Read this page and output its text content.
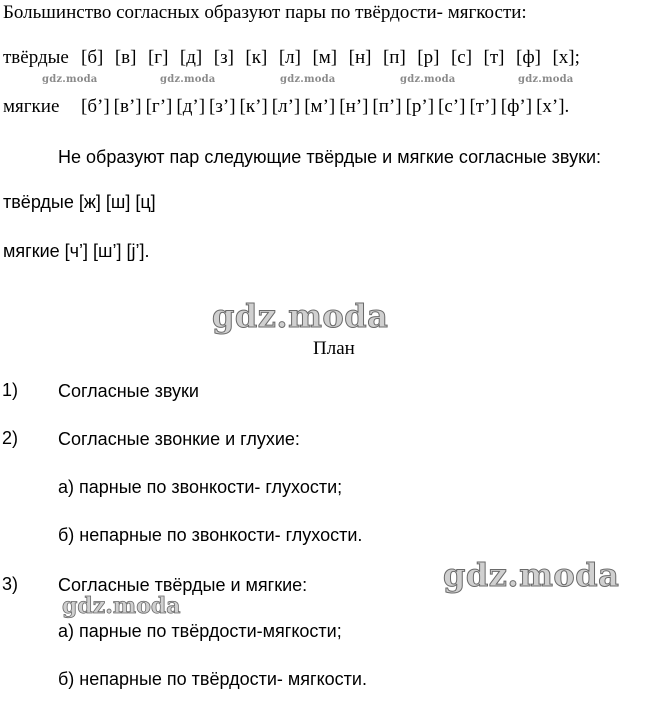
Большинство согласных образуют пары по твёрдости- мягкости:
твёрдые [б] [в] [г] [д] [з] [к] [л] [м] [н] [п] [р] [с] [т] [ф] [х];
gdz.moda	gdz.moda	gdz.moda	gdz.moda	gdz.moda
мягкие	[б’] [в’] [г’] [д’] [з’] [к’] [л’] [м’] [н’] [п’] [р’] [с’] [т’] [ф’] [х’].
Не образуют пар следующие твёрдые и мягкие согласные звуки:
твёрдые [ж] [ш] [ц]
мягкие [ч’] [ш’] [j’].
gdz.moda
План
1) Согласные звуки
2) Согласные звонкие и глухие:
а) парные по звонкости- глухости;
б) непарные по звонкости- глухости.
3) Согласные твёрдые и мягкие:
а) парные по твёрдости-мягкости;
б) непарные по твёрдости- мягкости.
gdz.moda
gdz.moda
